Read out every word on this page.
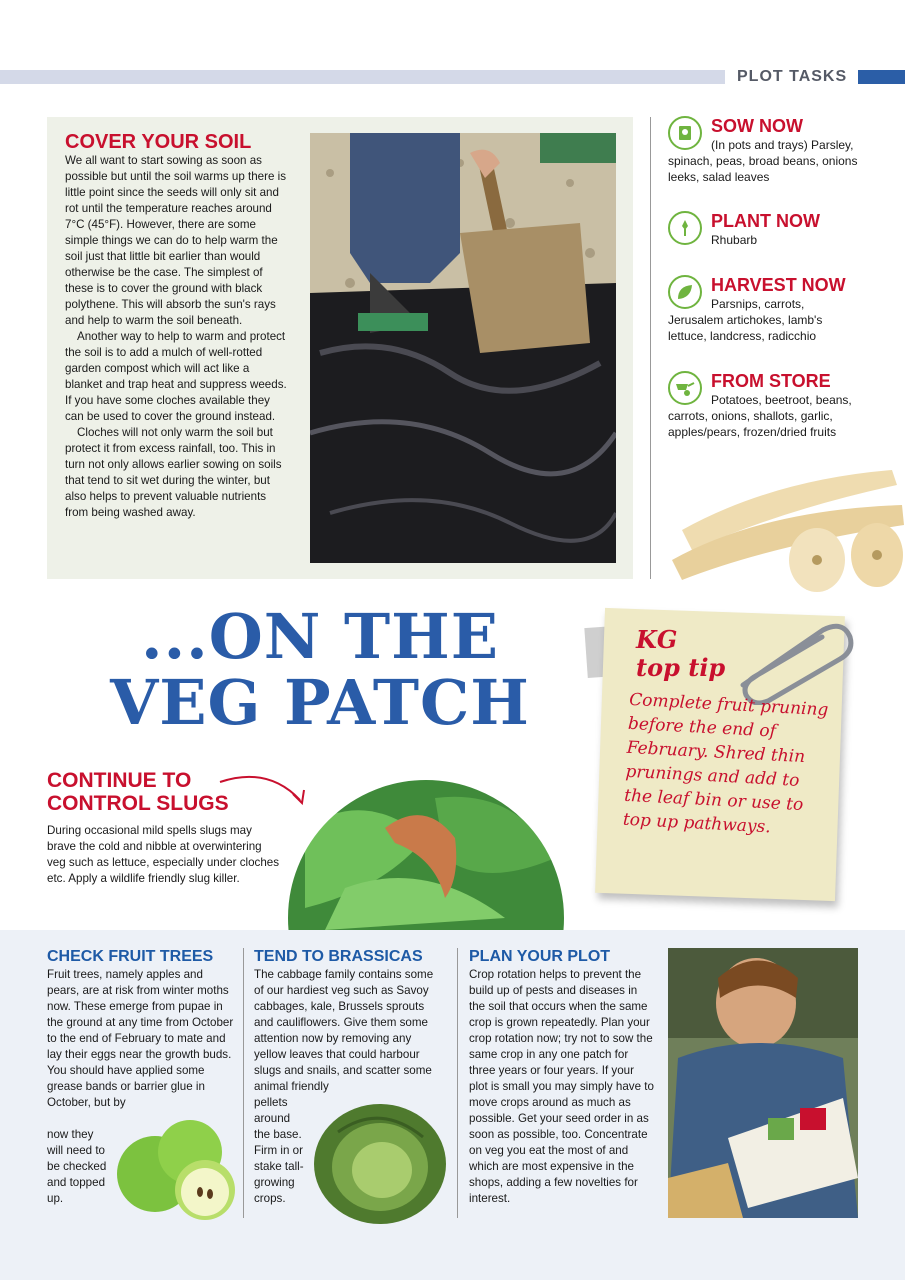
PLOT TASKS
COVER YOUR SOIL

We all want to start sowing as soon as possible but until the soil warms up there is little point since the seeds will only sit and rot until the temperature reaches around 7°C (45°F). However, there are some simple things we can do to help warm the soil just that little bit earlier than would otherwise be the case. The simplest of these is to cover the ground with black polythene. This will absorb the sun's rays and help to warm the soil beneath.

Another way to help to warm and protect the soil is to add a mulch of well-rotted garden compost which will act like a blanket and trap heat and suppress weeds. If you have some cloches available they can be used to cover the ground instead.

Cloches will not only warm the soil but protect it from excess rainfall, too. This in turn not only allows earlier sowing on soils that tend to sit wet during the winter, but also helps to prevent valuable nutrients from being washed away.

SOW NOW
(In pots and trays) Parsley, spinach, peas, broad beans, onions leeks, salad leaves
PLANT NOW
Rhubarb
HARVEST NOW
Parsnips, carrots, Jerusalem artichokes, lamb's lettuce, landcress, radicchio
FROM STORE
Potatoes, beetroot, beans, carrots, onions, shallots, garlic, apples/pears, frozen/dried fruits
...ON THE
VEG PATCH
CONTINUE TO
CONTROL SLUGS
During occasional mild spells slugs may brave the cold and nibble at overwintering veg such as lettuce, especially under cloches etc. Apply a wildlife friendly slug killer.
KG
top tip
Complete fruit pruning before the end of February. Shred thin prunings and add to the leaf bin or use to top up pathways.
CHECK FRUIT TREES
Fruit trees, namely apples and pears, are at risk from winter moths now. These emerge from pupae in the ground at any time from October to the end of February to mate and lay their eggs near the growth buds. You should have applied some grease bands or barrier glue in October, but by
now they will need to be checked and topped up.
TEND TO BRASSICAS
The cabbage family contains some of our hardiest veg such as Savoy cabbages, kale, Brussels sprouts and cauliflowers. Give them some attention now by removing any yellow leaves that could harbour slugs and snails, and scatter some animal friendly
pellets around the base. Firm in or stake tall-growing crops.
PLAN YOUR PLOT
Crop rotation helps to prevent the build up of pests and diseases in the soil that occurs when the same crop is grown repeatedly. Plan your crop rotation now; try not to sow the same crop in any one patch for three years or four years. If your plot is small you may simply have to move crops around as much as possible. Get your seed order in as soon as possible, too. Concentrate on veg you eat the most of and which are most expensive in the shops, adding a few novelties for interest.
